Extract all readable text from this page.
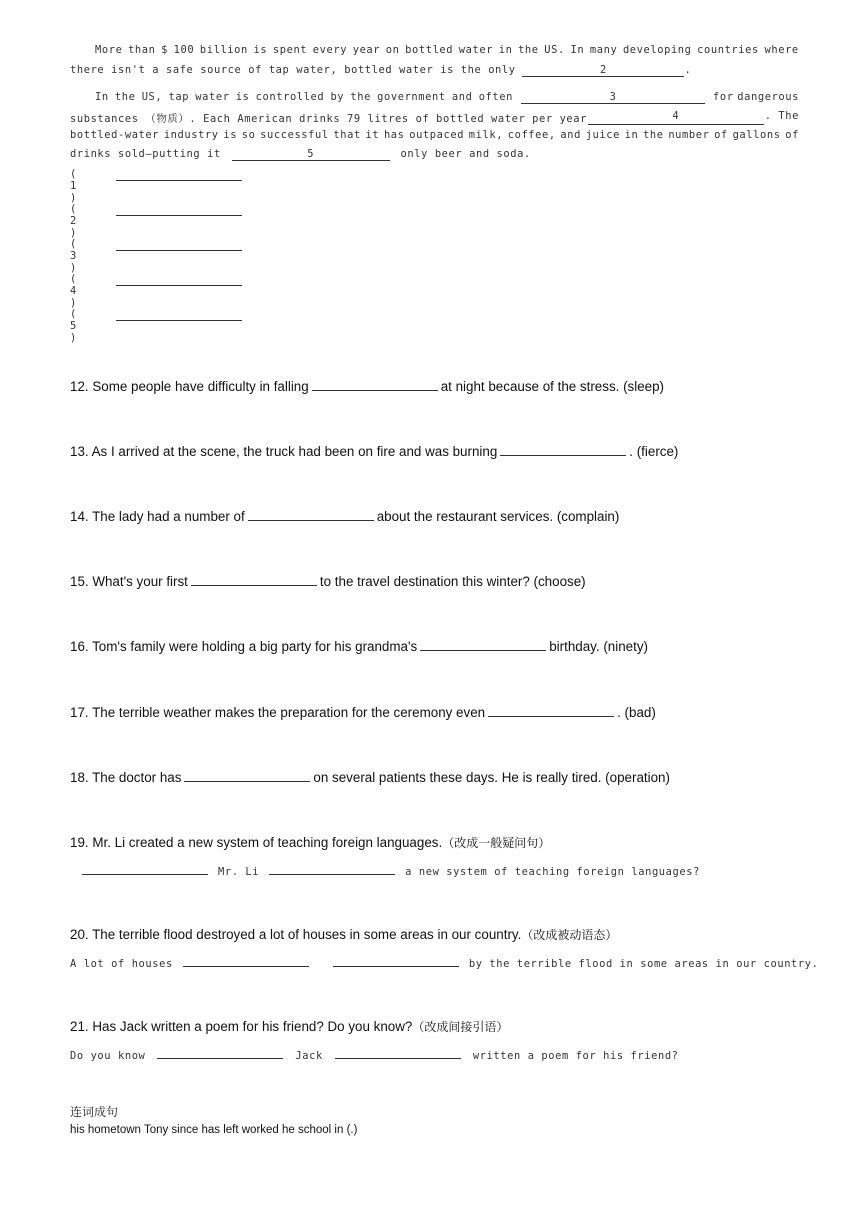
More than $ 100 billion is spent every year on bottled water in the US. In many developing countries where
there isn't a safe source of tap water, bottled water is the only	2	.
In the US, tap water is controlled by the government and often	3	for dangerous
substances （物质）. Each American drinks 79 litres of bottled water per year	4	. The
bottled-water industry is so successful that it has outpaced milk, coffee, and juice in the number of gallons of
drinks sold—putting it	5	only beer and soda.
( 1 )
( 2 )
( 3 )
( 4 )
( 5 )
12. Some people have difficulty in falling	at night because of the stress. (sleep)
13. As I arrived at the scene, the truck had been on fire and was burning	. (fierce)
14. The lady had a number of	about the restaurant services. (complain)
15. What's your first	to the travel destination this winter? (choose)
16. Tom's family were holding a big party for his grandma's	birthday. (ninety)
17. The terrible weather makes the preparation for the ceremony even	. (bad)
18. The doctor has	on several patients these days. He is really tired. (operation)
19. Mr. Li created a new system of teaching foreign languages.（改成一般疑问句）
Mr. Li	a new system of teaching foreign languages?
20. The terrible flood destroyed a lot of houses in some areas in our country.（改成被动语态）
A lot of houses	by the terrible flood in some areas in our country.
21. Has Jack written a poem for his friend? Do you know?（改成间接引语）
Do you know	Jack	written a poem for his friend?
连词成句
his hometown Tony since has left worked he school in (.)
